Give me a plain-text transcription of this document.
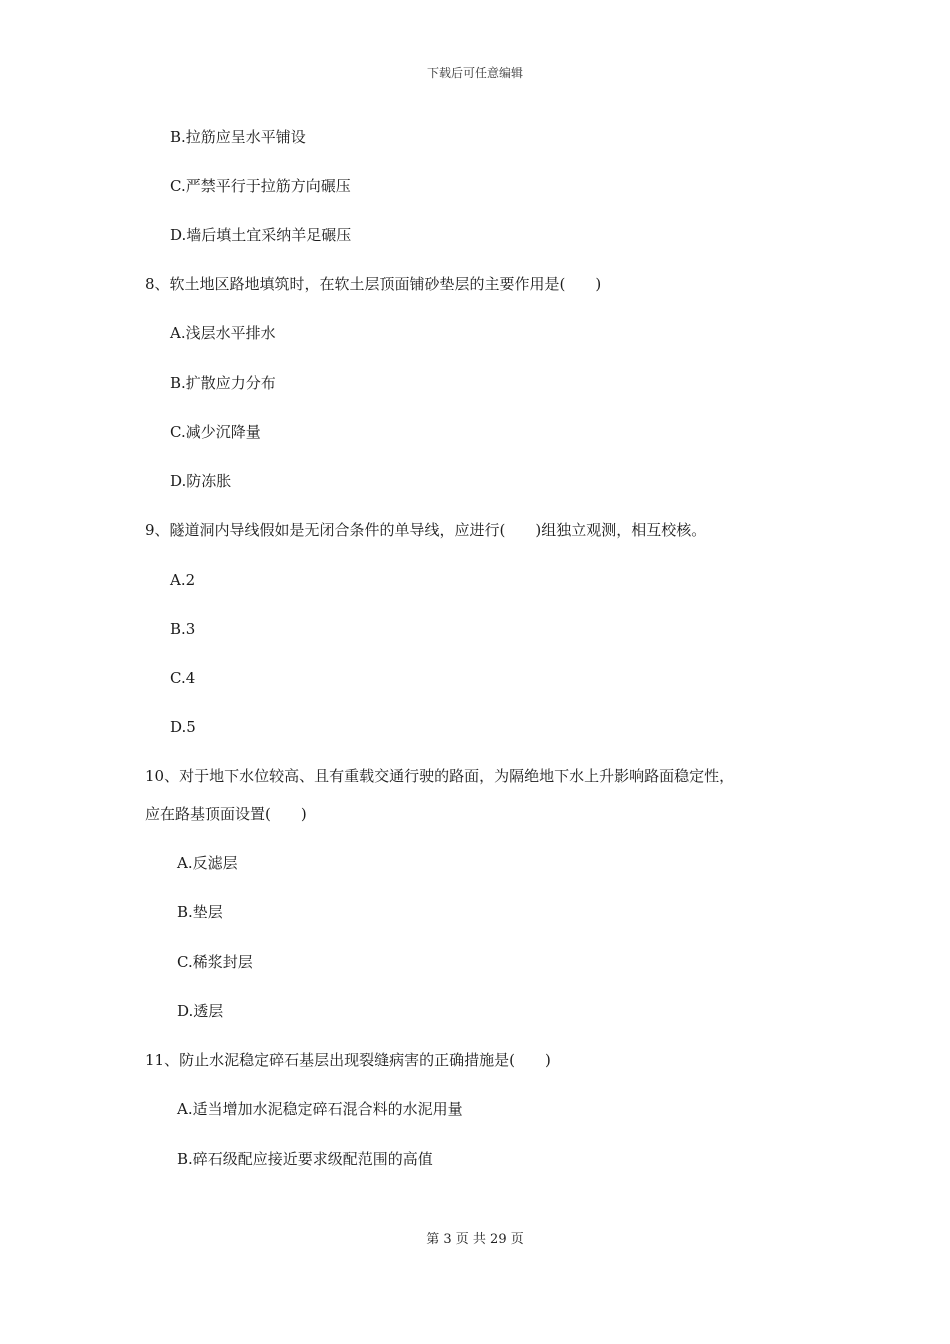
下载后可任意编辑
B.拉筋应呈水平铺设
C.严禁平行于拉筋方向碾压
D.墙后填土宜采纳羊足碾压
8、软土地区路地填筑时，在软土层顶面铺砂垫层的主要作用是(　　)
A.浅层水平排水
B.扩散应力分布
C.减少沉降量
D.防冻胀
9、隧道洞内导线假如是无闭合条件的单导线，应进行(　　)组独立观测，相互校核。
A.2
B.3
C.4
D.5
10、对于地下水位较高、且有重载交通行驶的路面，为隔绝地下水上升影响路面稳定性，
应在路基顶面设置(　　)
A.反滤层
B.垫层
C.稀浆封层
D.透层
11、防止水泥稳定碎石基层出现裂缝病害的正确措施是(　　)
A.适当增加水泥稳定碎石混合料的水泥用量
B.碎石级配应接近要求级配范围的高值
第 3 页 共 29 页
